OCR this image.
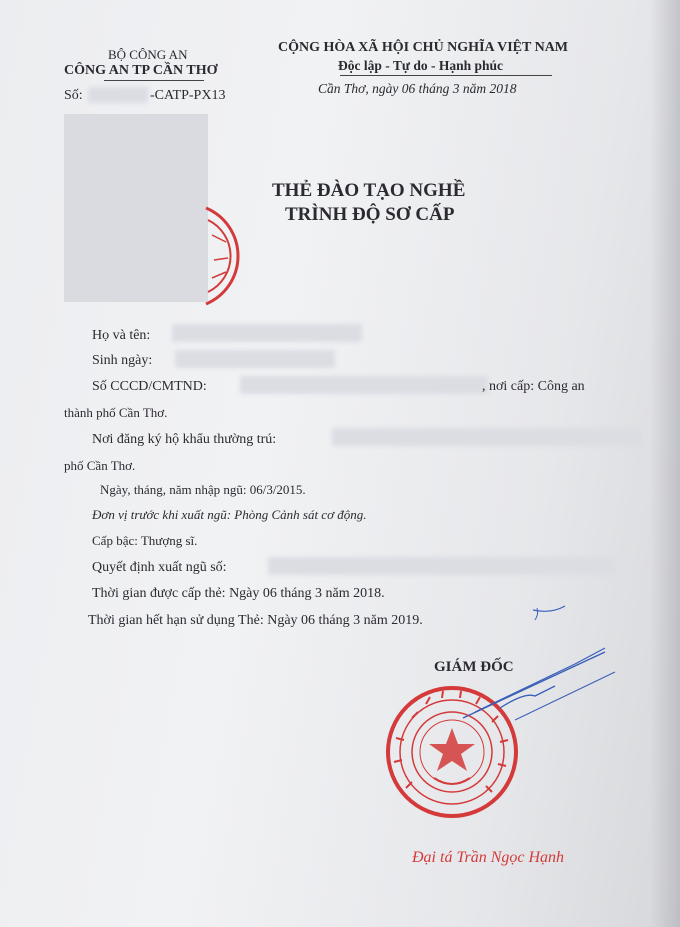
BỘ CÔNG AN
CÔNG AN TP CẦN THƠ
Số:	-CATP-PX13
CỘNG HÒA XÃ HỘI CHỦ NGHĨA VIỆT NAM
Độc lập - Tự do - Hạnh phúc
Cần Thơ, ngày 06 tháng 3 năm 2018
THẺ ĐÀO TẠO NGHỀ
TRÌNH ĐỘ SƠ CẤP
Họ và tên:
Sinh ngày:
Số CCCD/CMTND:	, nơi cấp: Công an
thành phố Cần Thơ.
Nơi đăng ký hộ khẩu thường trú:
phố Cần Thơ.
Ngày, tháng, năm nhập ngũ: 06/3/2015.
Đơn vị trước khi xuất ngũ: Phòng Cảnh sát cơ động.
Cấp bậc: Thượng sĩ.
Quyết định xuất ngũ số:
Thời gian được cấp thẻ: Ngày 06 tháng 3 năm 2018.
Thời gian hết hạn sử dụng Thẻ: Ngày 06 tháng 3 năm 2019.
GIÁM ĐỐC
Đại tá Trần Ngọc Hạnh
